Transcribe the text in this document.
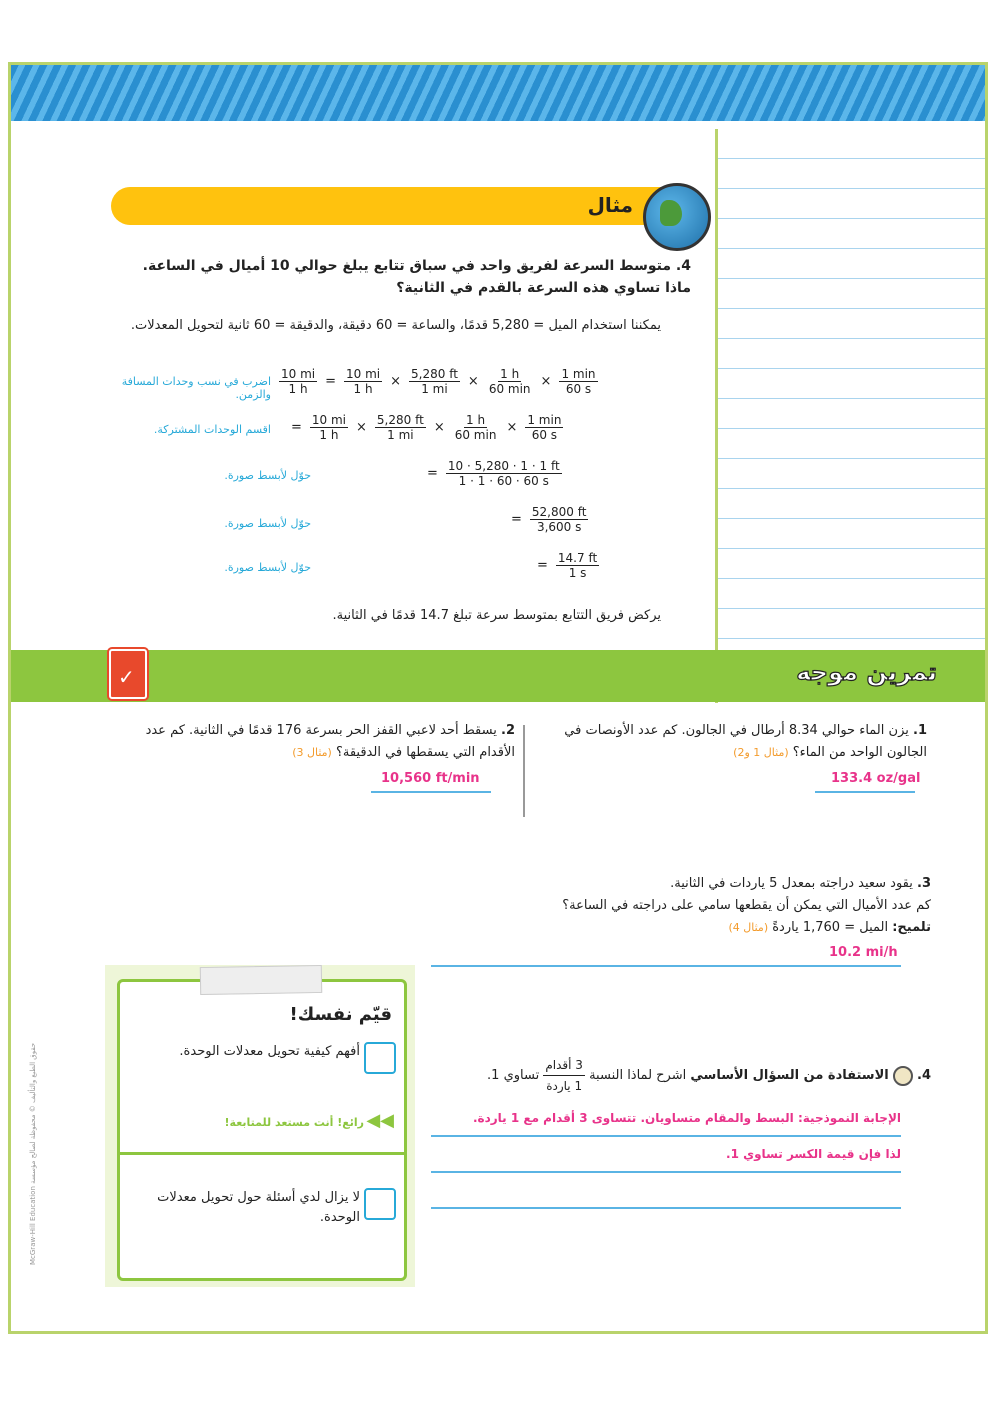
مثال
4. متوسط السرعة لفريق واحد في سباق تتابع يبلغ حوالي 10 أميال في الساعة. ماذا تساوي هذه السرعة بالقدم في الثانية؟
يمكننا استخدام الميل = 5,280 قدمًا، والساعة = 60 دقيقة، والدقيقة = 60 ثانية لتحويل المعدلات.
اضرب في نسب وحدات المسافة والزمن.
اقسم الوحدات المشتركة.
حوّل لأبسط صورة.
حوّل لأبسط صورة.
حوّل لأبسط صورة.
$\frac{10 mi}{1 h} = \frac{10 mi}{1 h} \times \frac{5,280 ft}{1 mi} \times \frac{1 h}{60 \min} \times \frac{1 \min}{60 s}$
= $\frac{10 mi}{1 h} \times \frac{5,280 ft}{1 mi} \times \frac{1 h}{60 \min} \times \frac{1 \min}{60 s}$
= $\frac{10 \cdot 5,280 \cdot 1 \cdot 1 ft}{1 \cdot 1 \cdot 60 \cdot 60 s}$
= $\frac{52,800 ft}{3,600 s}$
= $\frac{14.7 ft}{1 s}$
يركض فريق التتابع بمتوسط سرعة تبلغ 14.7 قدمًا في الثانية.
تمرين موجه
✓
1. يزن الماء حوالي 8.34 أرطال في الجالون. كم عدد الأونصات في الجالون الواحد من الماء؟ (مثال 1 و2)
133.4 oz/gal
2. يسقط أحد لاعبي القفز الحر بسرعة 176 قدمًا في الثانية. كم عدد الأقدام التي يسقطها في الدقيقة؟ (مثال 3)
10,560 ft/min
3. يقود سعيد دراجته بمعدل 5 ياردات في الثانية.
كم عدد الأميال التي يمكن أن يقطعها سامي على دراجته في الساعة؟
تلميح: الميل = 1,760 ياردةً (مثال 4)
10.2 mi/h
4.  الاستفادة من السؤال الأساسي اشرح لماذا النسبة
$\frac{\text{3 أقدام}}{\text{1 ياردة}}$
تساوي 1.
الإجابة النموذجية: البسط والمقام متساويان. تتساوى 3 أقدام مع 1 ياردة.
لذا فإن قيمة الكسر تساوي 1.
قيّم نفسك!
أفهم كيفية تحويل معدلات الوحدة.
رائع! أنت مستعد للمتابعة! ◀◀
لا يزال لدي أسئلة حول تحويل معدلات الوحدة.
McGraw-Hill Education حقوق الطبع والتأليف © محفوظة لصالح مؤسسة
